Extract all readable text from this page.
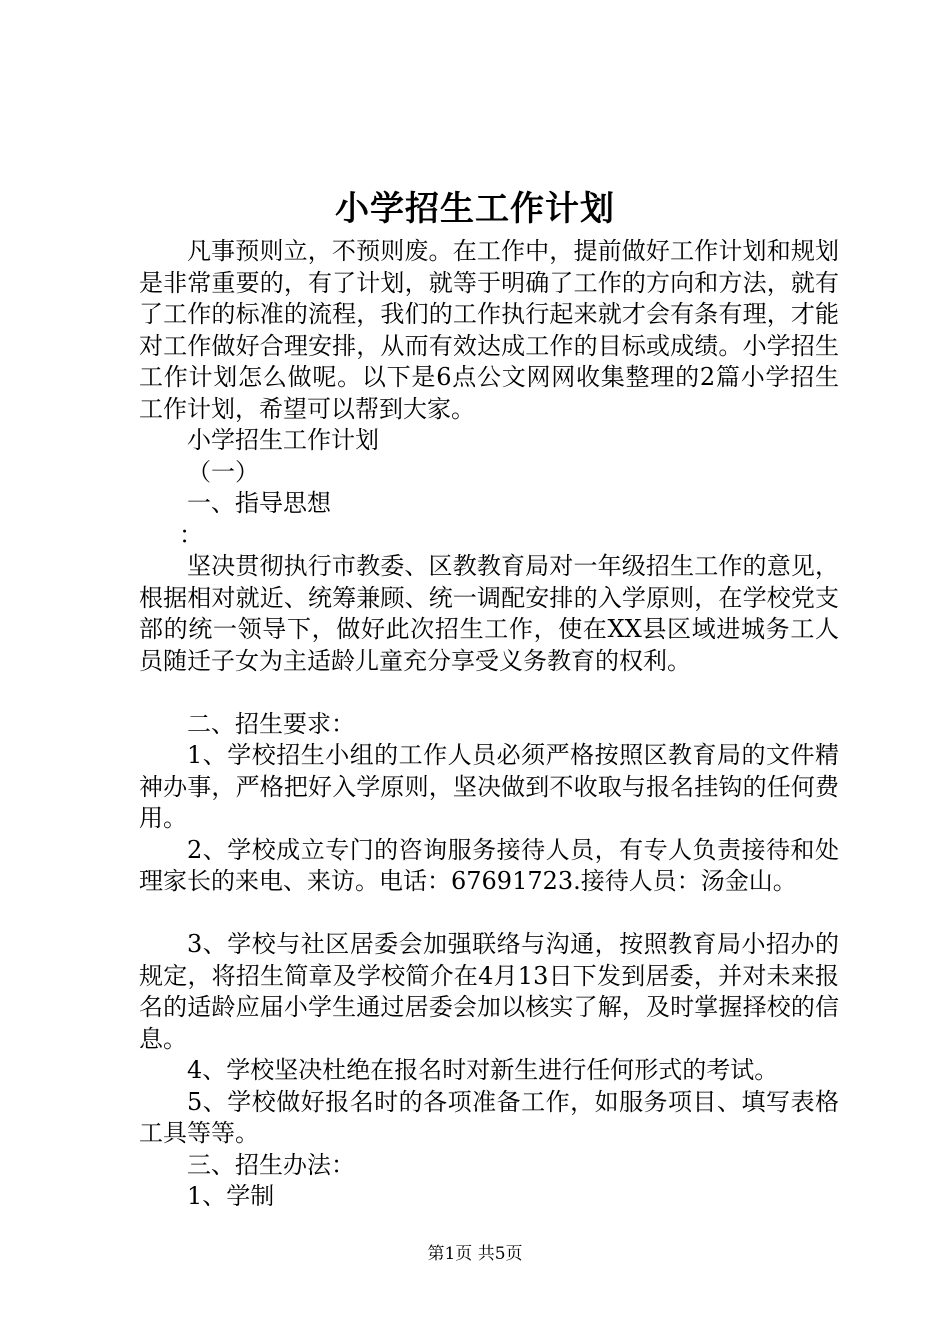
小学招生工作计划

凡事预则立，不预则废。在工作中，提前做好工作计划和规划是非常重要的，有了计划，就等于明确了工作的方向和方法，就有了工作的标准的流程，我们的工作执行起来就才会有条有理，才能对工作做好合理安排，从而有效达成工作的目标或成绩。小学招生工作计划怎么做呢。以下是6点公文网网收集整理的2篇小学招生工作计划，希望可以帮到大家。

小学招生工作计划

（一）

一、指导思想

：

坚决贯彻执行市教委、区教教育局对一年级招生工作的意见，根据相对就近、统筹兼顾、统一调配安排的入学原则，在学校党支部的统一领导下，做好此次招生工作，使在XX县区域进城务工人员随迁子女为主适龄儿童充分享受义务教育的权利。

二、招生要求：

1、学校招生小组的工作人员必须严格按照区教育局的文件精神办事，严格把好入学原则，坚决做到不收取与报名挂钩的任何费用。

2、学校成立专门的咨询服务接待人员，有专人负责接待和处理家长的来电、来访。电话：67691723.接待人员：汤金山。

3、学校与社区居委会加强联络与沟通，按照教育局小招办的规定，将招生简章及学校简介在4月13日下发到居委，并对未来报名的适龄应届小学生通过居委会加以核实了解，及时掌握择校的信息。

4、学校坚决杜绝在报名时对新生进行任何形式的考试。

5、学校做好报名时的各项准备工作，如服务项目、填写表格工具等等。

三、招生办法：

1、学制

第1页 共5页
